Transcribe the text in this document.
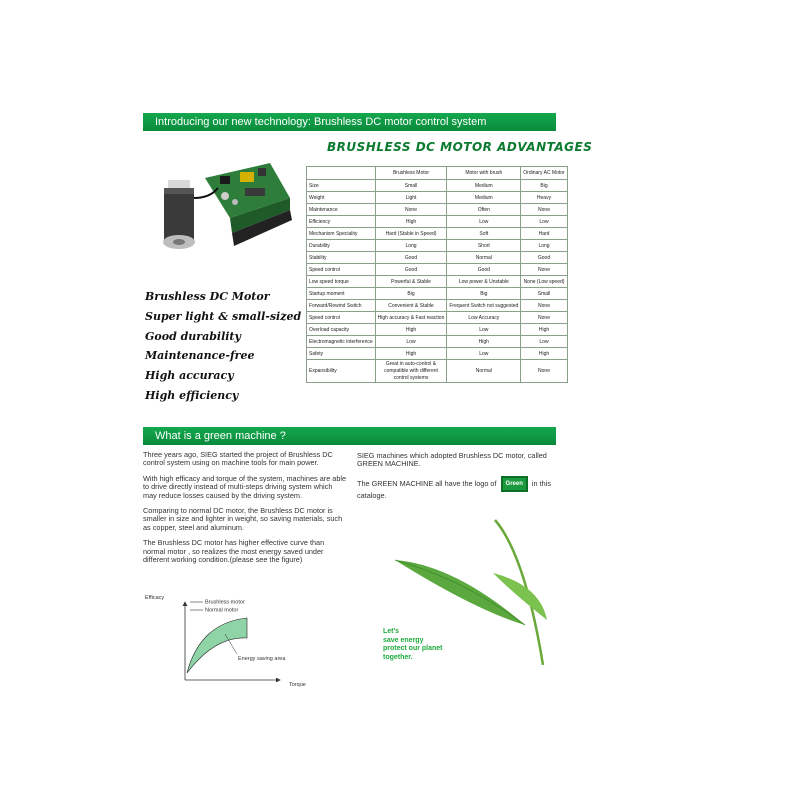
Introducing our new technology: Brushless DC motor control system
BRUSHLESS DC MOTOR ADVANTAGES
Brushless DC Motor
Super light & small-sized
Good durability
Maintenance-free
High accuracy
High efficiency
	Brushless Motor	Motor with brush	Ordinary AC Motor
Size	Small	Medium	Big
Weight	Light	Medium	Heavy
Maintenance	None	Often	None
Efficiency	High	Low	Low
Mechanism Speciality	Hard (Stable in Speed)	Soft	Hard
Durability	Long	Short	Long
Stability	Good	Normal	Good
Speed control	Good	Good	None
Low speed torque	Powerful & Stable	Low power & Unstable	None (Low speed)
Startup moment	Big	Big	Small
Forward/Rewind Switch	Convenient & Stable	Frequent Switch not suggested	None
Speed control	High accuracy & Fast reaction	Low Accuracy	None
Overload capacity	High	Low	High
Electromagnetic interference	Low	High	Low
Safety	High	Low	High
Expansibility	Great in auto-control & compatible with different control systems	Normal	None
What is a green machine ?

Three years ago, SIEG started the project of Brushless DC control system using on machine tools for main power.

With high efficacy and torque of the system, machines are able to drive directly instead of multi-steps driving system which may reduce losses caused by the driving system.

Comparing to normal DC motor, the Brushless DC motor is smaller in size and lighter in weight, so saving materials, such as copper, steel and aluminum.

The Brushless DC motor has higher effective curve than normal motor , so realizes the most energy saved under different working condition.(please see the figure)

SIEG machines which adopted Brushless DC motor, called GREEN MACHINE.

The GREEN MACHINE all have the logo of Green in this cataloge.

Efficacy
Torque
Brushless motor
Normal motor
Energy saving area
Let's
save energy
protect our planet
together.
